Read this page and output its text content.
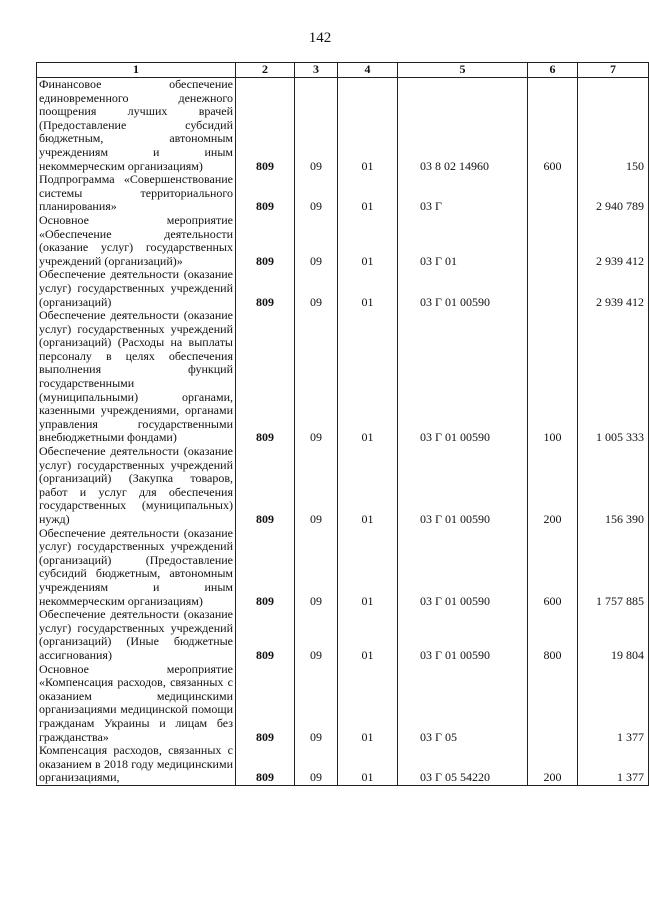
142
1	2	3	4	5	6	7
Финансовое обеспечение единовременного денежного поощрения лучших врачей (Предоставление субсидий бюджетным, автономным учреждениям и иным некоммерческим организациям)	809	09	01	03 8 02 14960	600	150
Подпрограмма «Совершенствование системы территориального планирования»	809	09	01	03 Г		2 940 789
Основное мероприятие «Обеспечение деятельности (оказание услуг) государственных учреждений (организаций)»	809	09	01	03 Г 01		2 939 412
Обеспечение деятельности (оказание услуг) государственных учреждений (организаций)	809	09	01	03 Г 01 00590		2 939 412
Обеспечение деятельности (оказание услуг) государственных учреждений (организаций) (Расходы на выплаты персоналу в целях обеспечения выполнения функций государственными (муниципальными) органами, казенными учреждениями, органами управления государственными внебюджетными фондами)	809	09	01	03 Г 01 00590	100	1 005 333
Обеспечение деятельности (оказание услуг) государственных учреждений (организаций) (Закупка товаров, работ и услуг для обеспечения государственных (муниципальных) нужд)	809	09	01	03 Г 01 00590	200	156 390
Обеспечение деятельности (оказание услуг) государственных учреждений (организаций) (Предоставление субсидий бюджетным, автономным учреждениям и иным некоммерческим организациям)	809	09	01	03 Г 01 00590	600	1 757 885
Обеспечение деятельности (оказание услуг) государственных учреждений (организаций) (Иные бюджетные ассигнования)	809	09	01	03 Г 01 00590	800	19 804
Основное мероприятие «Компенсация расходов, связанных с оказанием медицинскими организациями медицинской помощи гражданам Украины и лицам без гражданства»	809	09	01	03 Г 05		1 377
Компенсация расходов, связанных с оказанием в 2018 году медицинскими организациями,	809	09	01	03 Г 05 54220	200	1 377
